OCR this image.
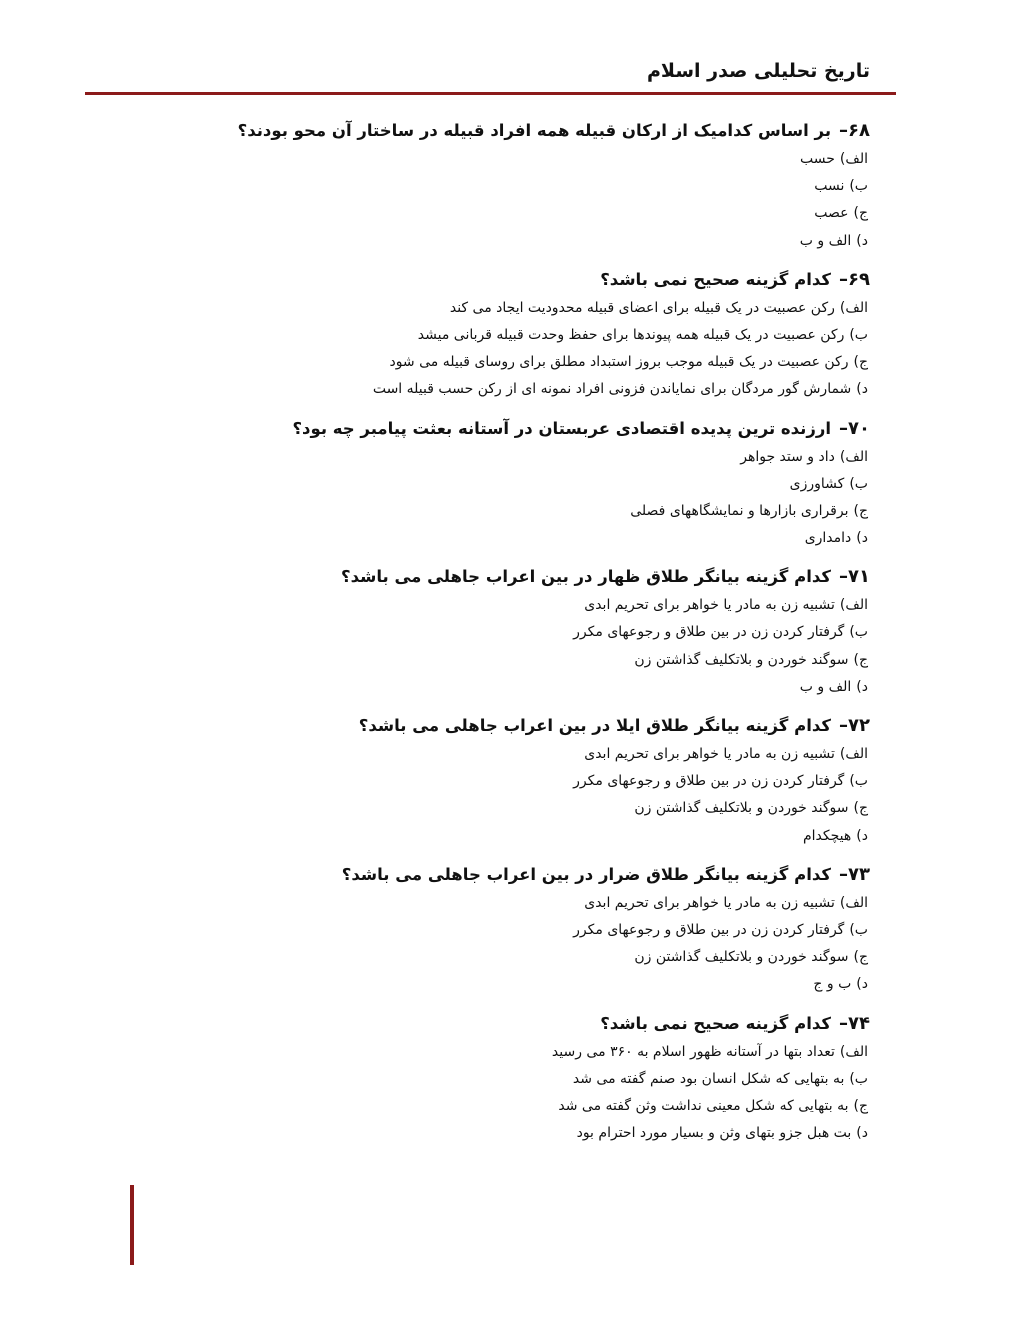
تاریخ تحلیلی صدر اسلام
۶۸–
بر اساس کدامیک از ارکان قبیله همه افراد قبیله در ساختار آن محو بودند؟
الف)
حسب
ب)
نسب
ج)
عصب
د)
الف و ب
۶۹–
کدام گزینه صحیح نمی باشد؟
الف)
رکن عصبیت در یک قبیله برای اعضای قبیله محدودیت ایجاد می کند
ب)
رکن عصبیت در یک قبیله همه پیوندها برای حفظ وحدت قبیله قربانی میشد
ج)
رکن عصبیت در یک قبیله موجب بروز استبداد مطلق برای روسای قبیله می شود
د)
شمارش گور مردگان برای نمایاندن فزونی افراد نمونه ای از رکن حسب قبیله است
۷۰–
ارزنده ترین پدیده اقتصادی عربستان در آستانه بعثت پیامبر چه بود؟
الف)
داد و ستد جواهر
ب)
کشاورزی
ج)
برقراری بازارها و نمایشگاههای فصلی
د)
دامداری
۷۱–
کدام گزینه بیانگر طلاق ظهار در بین اعراب جاهلی می باشد؟
الف)
تشبیه زن به مادر یا خواهر برای تحریم ابدی
ب)
گرفتار کردن زن در بین طلاق و رجوعهای مکرر
ج)
سوگند خوردن و بلاتکلیف گذاشتن زن
د)
الف و ب
۷۲–
کدام گزینه بیانگر طلاق ایلا در بین اعراب جاهلی می باشد؟
الف)
تشبیه زن به مادر یا خواهر برای تحریم ابدی
ب)
گرفتار کردن زن در بین طلاق و رجوعهای مکرر
ج)
سوگند خوردن و بلاتکلیف گذاشتن زن
د)
هیچکدام
۷۳–
کدام گزینه بیانگر طلاق ضرار در بین اعراب جاهلی می باشد؟
الف)
تشبیه زن به مادر یا خواهر برای تحریم ابدی
ب)
گرفتار کردن زن در بین طلاق و رجوعهای مکرر
ج)
سوگند خوردن و بلاتکلیف گذاشتن زن
د)
ب و ج
۷۴–
کدام گزینه صحیح نمی باشد؟
الف)
تعداد بتها در آستانه ظهور اسلام به ۳۶۰ می رسید
ب)
به بتهایی که شکل انسان بود صنم گفته می شد
ج)
به بتهایی که شکل معینی نداشت وثن گفته می شد
د)
بت هبل جزو بتهای وثن و بسیار مورد احترام بود
